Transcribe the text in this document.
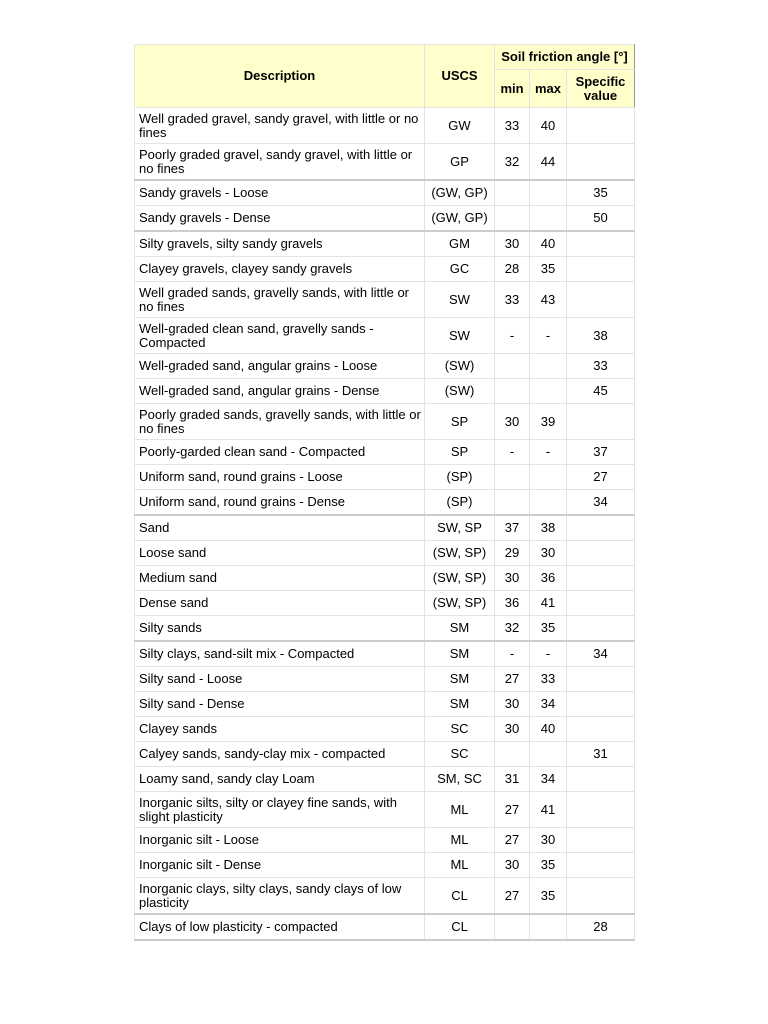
Description	USCS	Soil friction angle [°]		
		min	max	Specific value
Well graded gravel, sandy gravel, with little or no fines	GW	33	40	
Poorly graded gravel, sandy gravel, with little or no fines	GP	32	44	
Sandy gravels - Loose	(GW, GP)			35
Sandy gravels - Dense	(GW, GP)			50
Silty gravels, silty sandy gravels	GM	30	40	
Clayey gravels, clayey sandy gravels	GC	28	35	
Well graded sands, gravelly sands, with little or no fines	SW	33	43	
Well-graded clean sand, gravelly sands - Compacted	SW	-	-	38
Well-graded sand, angular grains - Loose	(SW)			33
Well-graded sand, angular grains - Dense	(SW)			45
Poorly graded sands, gravelly sands, with little or no fines	SP	30	39	
Poorly-garded clean sand - Compacted	SP	-	-	37
Uniform sand, round grains - Loose	(SP)			27
Uniform sand, round grains - Dense	(SP)			34
Sand	SW, SP	37	38	
Loose sand	(SW, SP)	29	30	
Medium sand	(SW, SP)	30	36	
Dense sand	(SW, SP)	36	41	
Silty sands	SM	32	35	
Silty clays, sand-silt mix - Compacted	SM	-	-	34
Silty sand - Loose	SM	27	33	
Silty sand - Dense	SM	30	34	
Clayey sands	SC	30	40	
Calyey sands, sandy-clay mix - compacted	SC			31
Loamy sand, sandy clay Loam	SM, SC	31	34	
Inorganic silts, silty or clayey fine sands, with slight plasticity	ML	27	41	
Inorganic silt - Loose	ML	27	30	
Inorganic silt - Dense	ML	30	35	
Inorganic clays, silty clays, sandy clays of low plasticity	CL	27	35	
Clays of low plasticity - compacted	CL			28
